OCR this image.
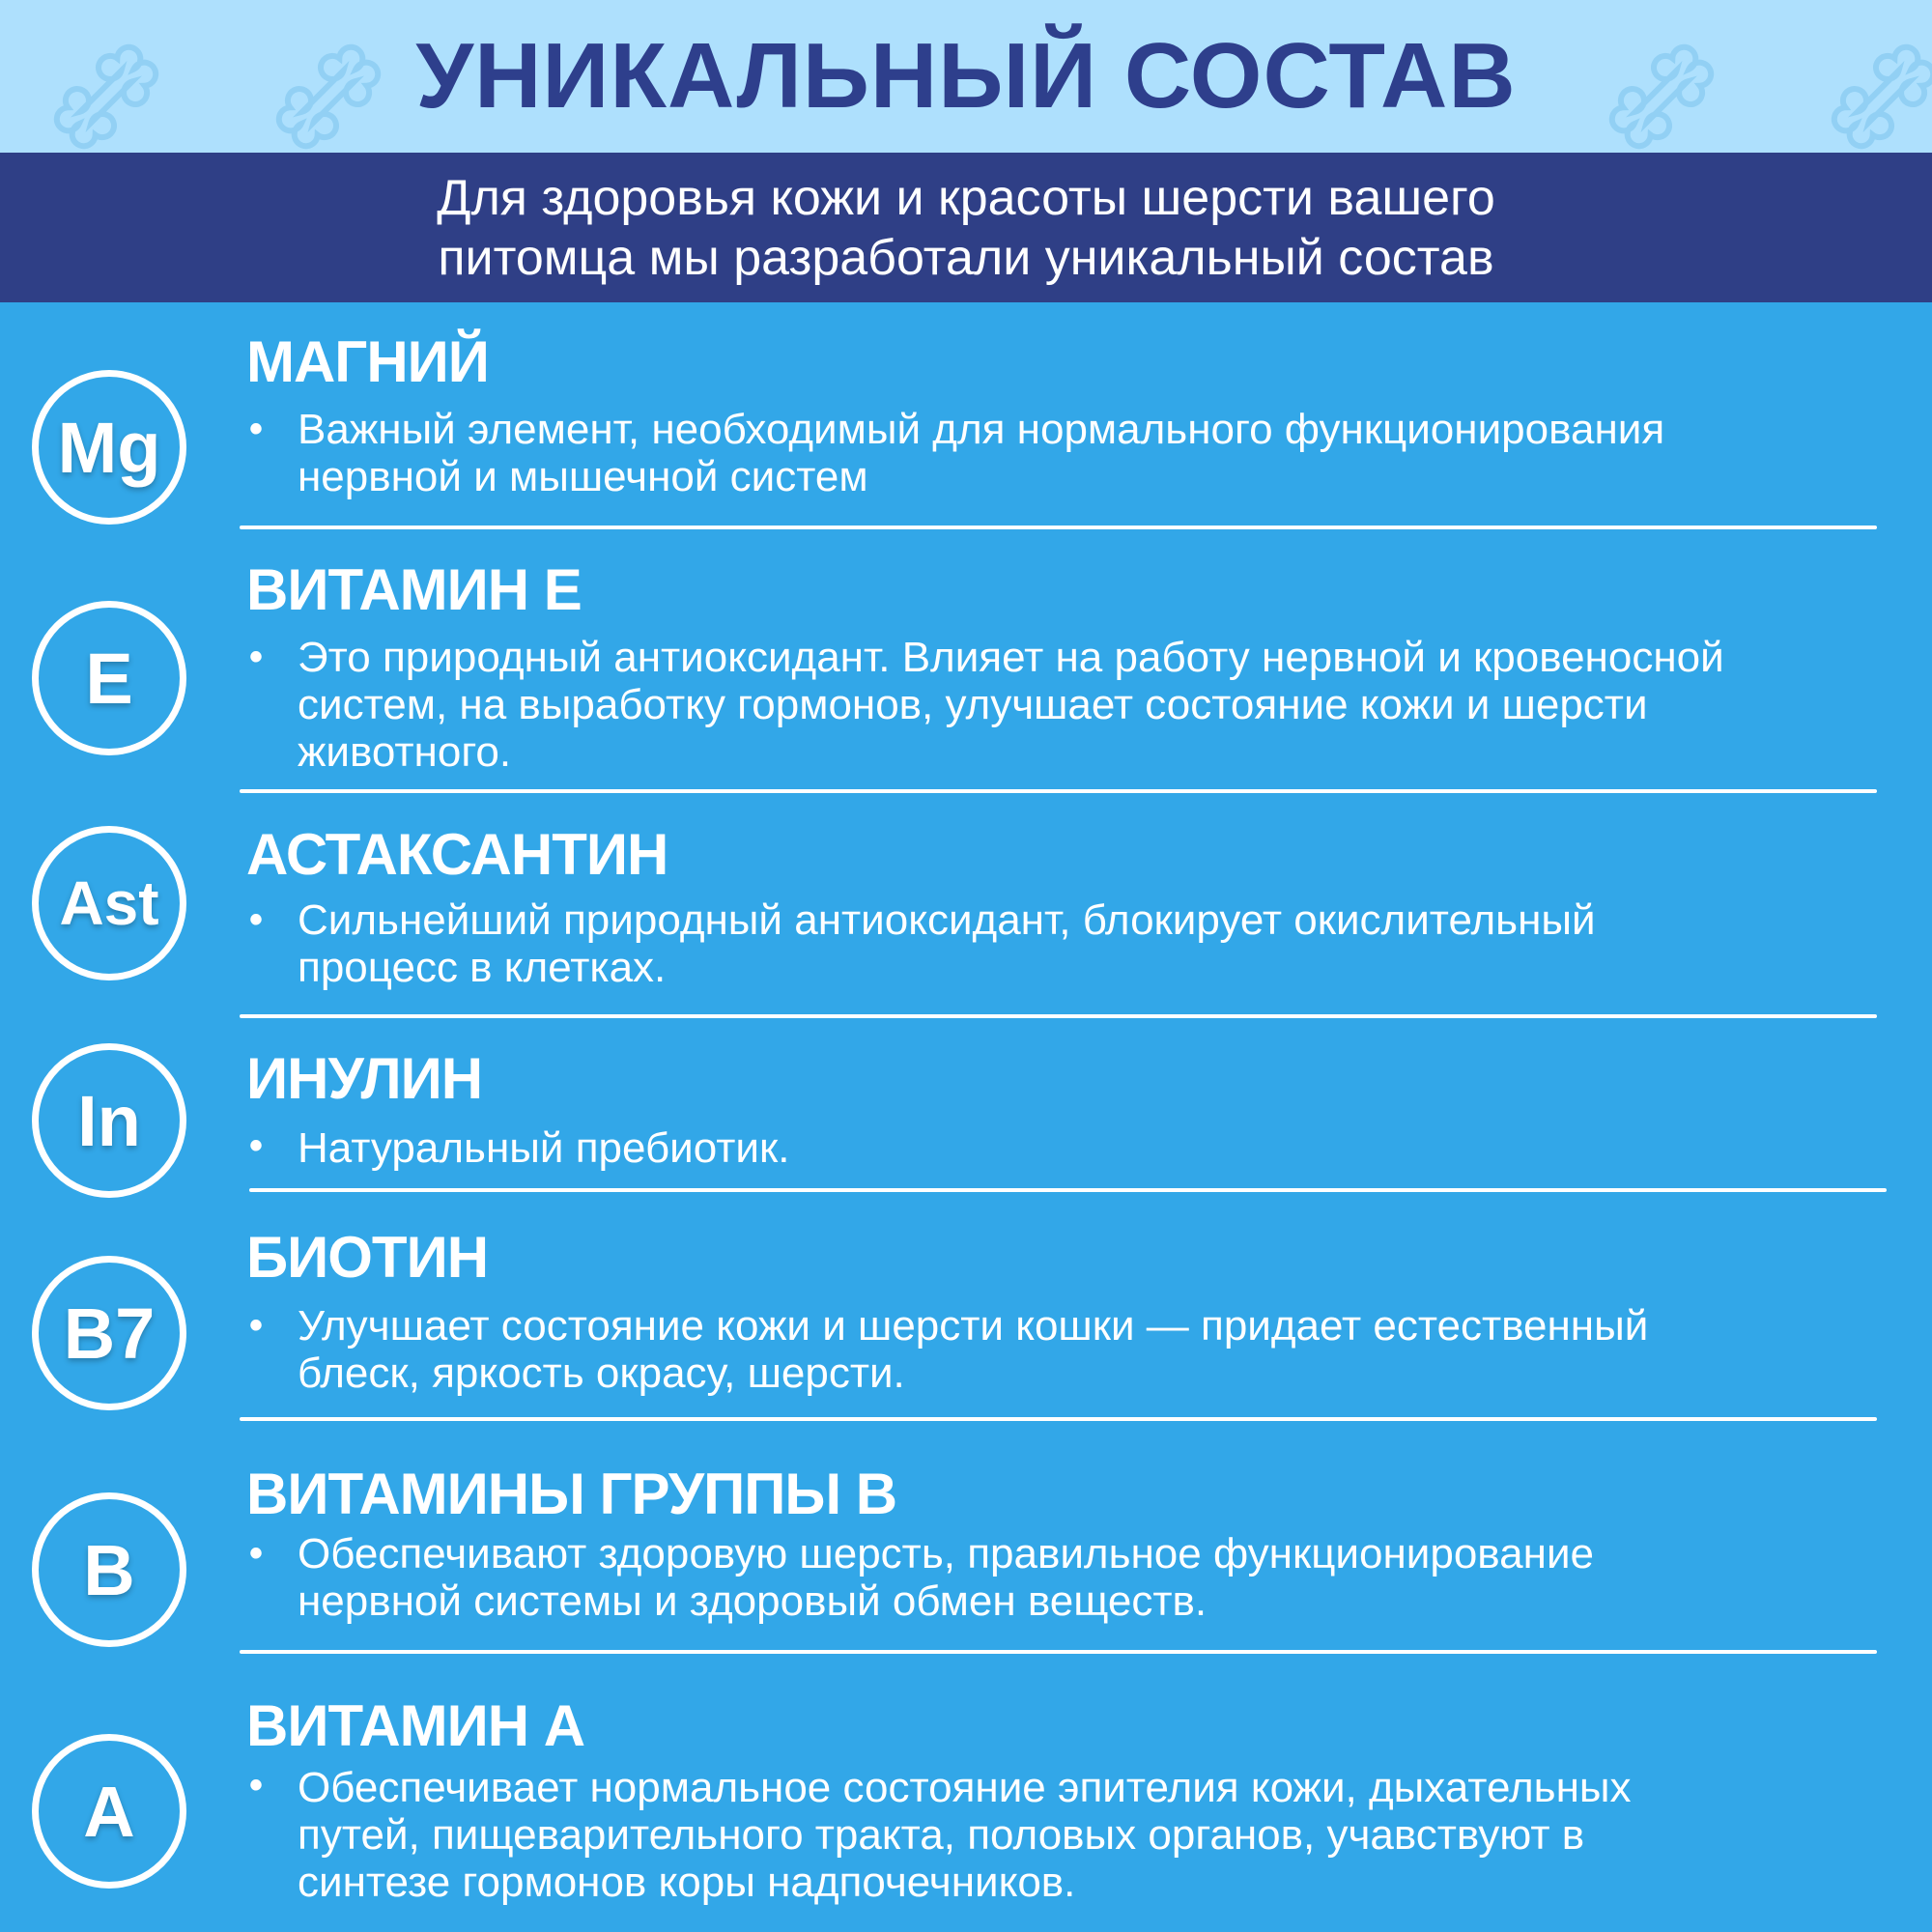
УНИКАЛЬНЫЙ СОСТАВ
Для здоровья кожи и красоты шерсти вашего
питомца мы разработали уникальный состав
Mg
МАГНИЙ
• Важный элемент, необходимый для нормального функционирования
нервной и мышечной систем
E
ВИТАМИН Е
• Это природный антиоксидант. Влияет на работу нервной и кровеносной
систем, на выработку гормонов, улучшает состояние кожи и шерсти
животного.
Ast
АСТАКСАНТИН
• Сильнейший природный антиоксидант, блокирует окислительный
процесс в клетках.
In
ИНУЛИН
• Натуральный пребиотик.
B7
БИОТИН
• Улучшает состояние кожи и шерсти кошки — придает естественный
блеск, яркость окрасу, шерсти.
B
ВИТАМИНЫ ГРУППЫ В
• Обеспечивают здоровую шерсть, правильное функционирование
нервной системы и здоровый обмен веществ.
A
ВИТАМИН А
• Обеспечивает нормальное состояние эпителия кожи, дыхательных
путей, пищеварительного тракта, половых органов, учавствуют в
синтезе гормонов коры надпочечников.
